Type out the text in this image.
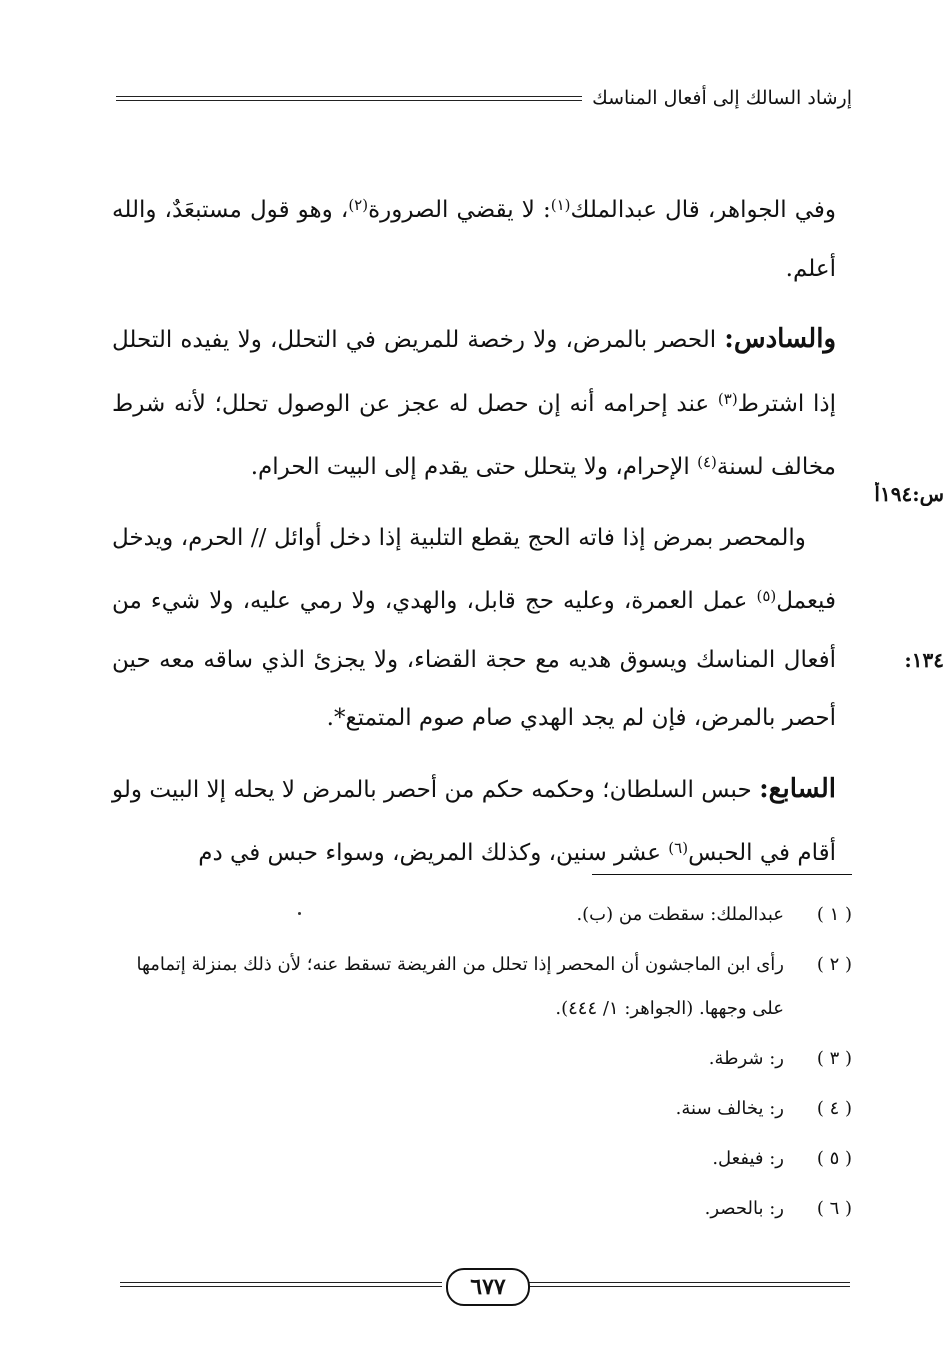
إرشاد السالك إلى أفعال المناسك

وفي الجواهر، قال عبدالملك$^{(١)}$: لا يقضي الصرورة$^{(٢)}$، وهو قول مستبعَدٌ، والله أعلم.

والسادس: الحصر بالمرض، ولا رخصة للمريض في التحلل، ولا يفيده التحلل إذا اشترط$^{(٣)}$ عند إحرامه أنه إن حصل له عجز عن الوصول تحلل؛ لأنه شرط مخالف لسنة$^{(٤)}$ الإحرام، ولا يتحلل حتى يقدم إلى البيت الحرام.

والمحصر بمرض إذا فاته الحج يقطع التلبية إذا دخل أوائل // الحرم، ويدخل فيعمل$^{(٥)}$ عمل العمرة، وعليه حج قابل، والهدي، ولا رمي عليه، ولا شيء من أفعال المناسك ويسوق هديه مع حجة القضاء، ولا يجزئ الذي ساقه معه حين أحصر بالمرض، فإن لم يجد الهدي صام صوم المتمتع*.

السابع: حبس السلطان؛ وحكمه حكم من أحصر بالمرض لا يحله إلا البيت ولو أقام في الحبس$^{(٦)}$ عشر سنين، وكذلك المريض، وسواء حبس في دم

س:١٩٤أ
:١٣٤
( ١ )
عبدالملك: سقطت من (ب).
( ٢ )
رأى ابن الماجشون أن المحصر إذا تحلل من الفريضة تسقط عنه؛ لأن ذلك بمنزلة إتمامها على وجهها. (الجواهر: ١/ ٤٤٤).
( ٣ )
ر: شرطة.
( ٤ )
ر: يخالف سنة.
( ٥ )
ر: فيفعل.
( ٦ )
ر: بالحصر.
٦٧٧
